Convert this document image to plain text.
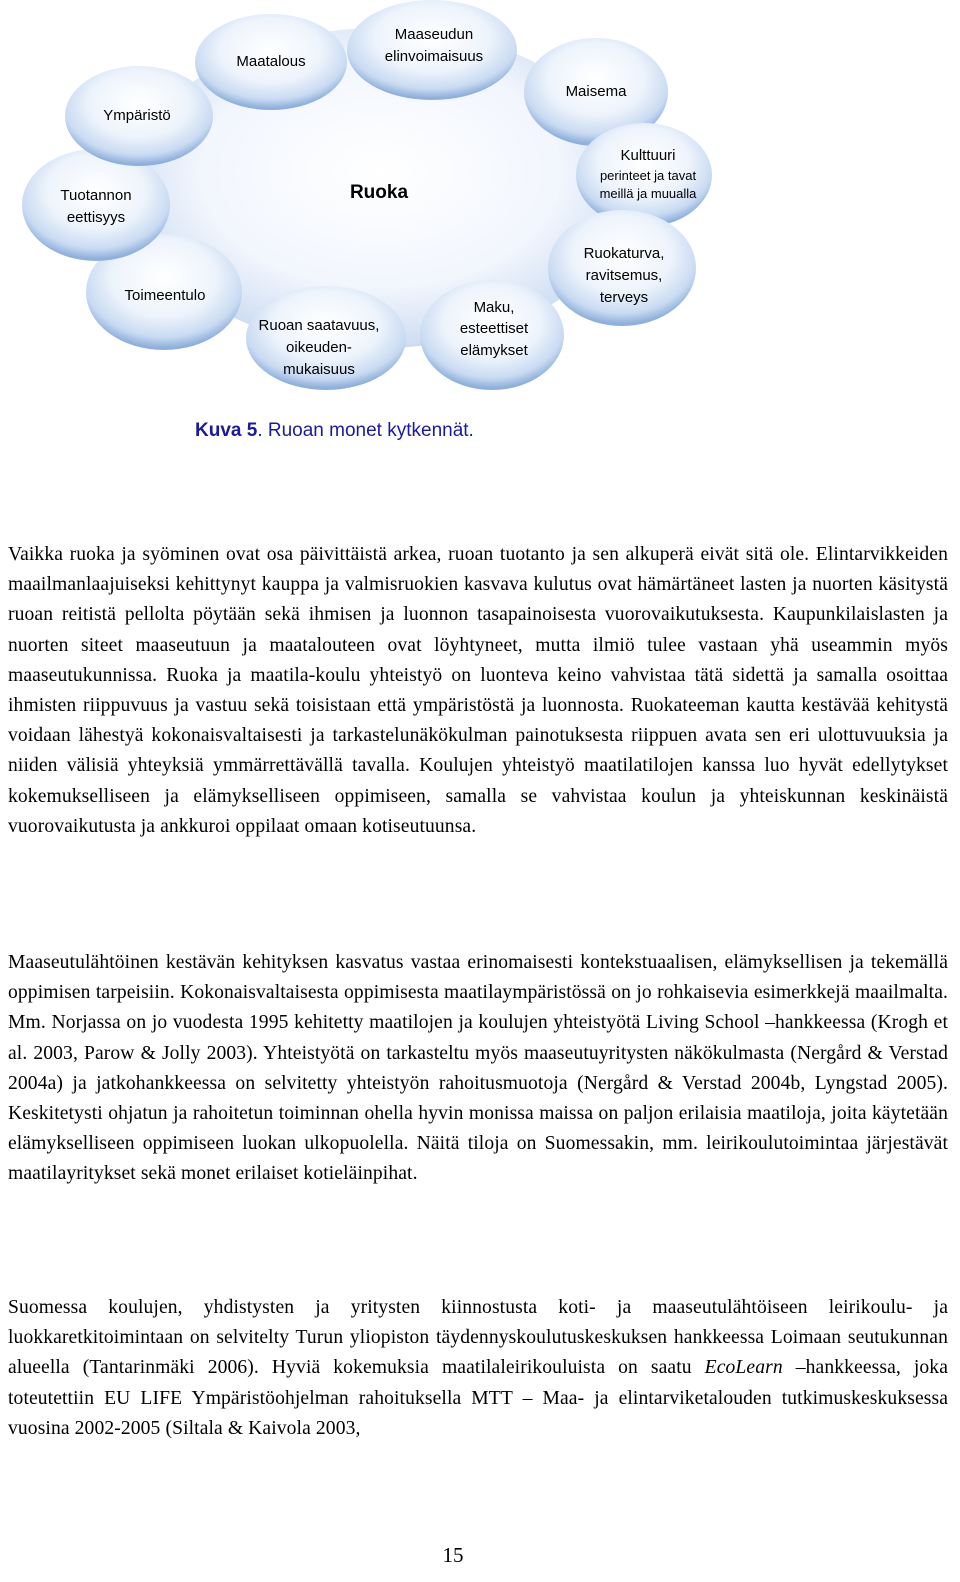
Ruoka
Maatalous
Maaseudun
elinvoimaisuus
Maisema
Kulttuuri
perinteet ja tavat
meillä ja muualla
Ruokaturva,
ravitsemus,
terveys
Maku,
esteettiset
elämykset
Ruoan saatavuus,
oikeuden-
mukaisuus
Toimeentulo
Tuotannon
eettisyys
Ympäristö
Kuva 5. Ruoan monet kytkennät.

Vaikka ruoka ja syöminen ovat osa päivittäistä arkea, ruoan tuotanto ja sen alkuperä eivät sitä ole. Elintarvikkeiden maailmanlaajuiseksi kehittynyt kauppa ja valmisruokien kasvava kulutus ovat hämärtäneet lasten ja nuorten käsitystä ruoan reitistä pellolta pöytään sekä ihmisen ja luonnon tasapainoisesta vuorovaikutuksesta. Kaupunkilaislasten ja nuorten siteet maaseutuun ja maatalouteen ovat löyhtyneet, mutta ilmiö tulee vastaan yhä useammin myös maaseutukunnissa. Ruoka ja maatila-koulu yhteistyö on luonteva keino vahvistaa tätä sidettä ja samalla osoittaa ihmisten riippuvuus ja vastuu sekä toisistaan että ympäristöstä ja luonnosta. Ruokateeman kautta kestävää kehitystä voidaan lähestyä kokonaisvaltaisesti ja tarkastelunäkökulman painotuksesta riippuen avata sen eri ulottuvuuksia ja niiden välisiä yhteyksiä ymmärrettävällä tavalla. Koulujen yhteistyö maatilatilojen kanssa luo hyvät edellytykset kokemukselliseen ja elämykselliseen oppimiseen, samalla se vahvistaa koulun ja yhteiskunnan keskinäistä vuorovaikutusta ja ankkuroi oppilaat omaan kotiseutuunsa.

Maaseutulähtöinen kestävän kehityksen kasvatus vastaa erinomaisesti kontekstuaalisen, elämyksellisen ja tekemällä oppimisen tarpeisiin. Kokonaisvaltaisesta oppimisesta maatilaympäristössä on jo rohkaisevia esimerkkejä maailmalta. Mm. Norjassa on jo vuodesta 1995 kehitetty maatilojen ja koulujen yhteistyötä Living School –hankkeessa (Krogh et al. 2003, Parow & Jolly 2003). Yhteistyötä on tarkasteltu myös maaseutuyritysten näkökulmasta (Nergård & Verstad 2004a) ja jatkohankkeessa on selvitetty yhteistyön rahoitusmuotoja (Nergård & Verstad 2004b, Lyngstad 2005). Keskitetysti ohjatun ja rahoitetun toiminnan ohella hyvin monissa maissa on paljon erilaisia maatiloja, joita käytetään elämykselliseen oppimiseen luokan ulkopuolella. Näitä tiloja on Suomessakin, mm. leirikoulutoimintaa järjestävät maatilayritykset sekä monet erilaiset kotieläinpihat.

Suomessa koulujen, yhdistysten ja yritysten kiinnostusta koti- ja maaseutulähtöiseen leirikoulu- ja luokkaretkitoimintaan on selvitelty Turun yliopiston täydennyskoulutuskeskuksen hankkeessa Loimaan seutukunnan alueella (Tantarinmäki 2006). Hyviä kokemuksia maatilaleirikouluista on saatu EcoLearn –hankkeessa, joka toteutettiin EU LIFE Ympäristöohjelman rahoituksella MTT – Maa- ja elintarviketalouden tutkimuskeskuksessa vuosina 2002-2005 (Siltala & Kaivola 2003,

15
